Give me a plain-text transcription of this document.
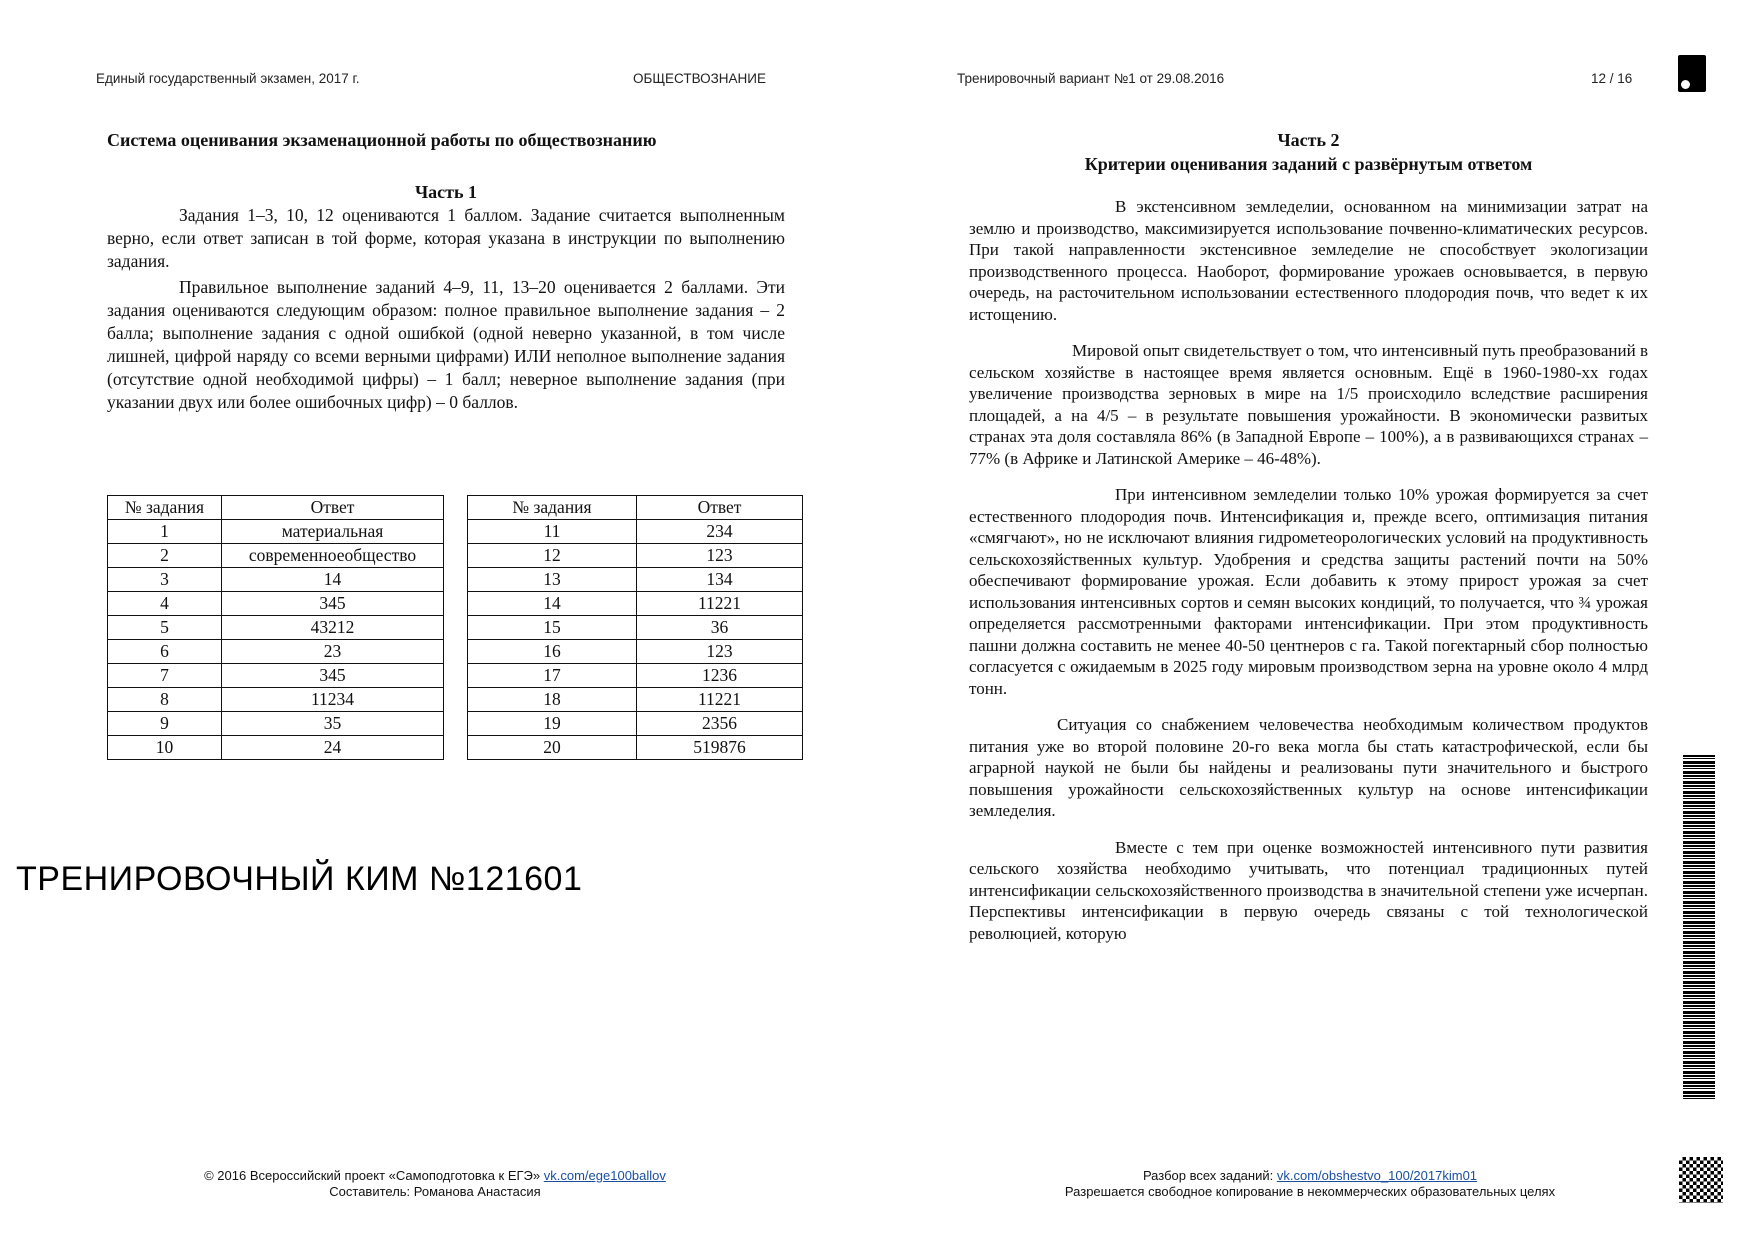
Единый государственный экзамен, 2017 г.	ОБЩЕСТВОЗНАНИЕ	Тренировочный вариант №1 от 29.08.2016	12 / 16
Система оценивания экзаменационной работы по обществознанию
Часть 1

Задания 1–3, 10, 12 оцениваются 1 баллом. Задание считается выполненным верно, если ответ записан в той форме, которая указана в инструкции по выполнению задания.

Правильное выполнение заданий 4–9, 11, 13–20 оценивается 2 баллами. Эти задания оцениваются следующим образом: полное правильное выполнение задания – 2 балла; выполнение задания с одной ошибкой (одной неверно указанной, в том числе лишней, цифрой наряду со всеми верными цифрами) ИЛИ неполное выполнение задания (отсутствие одной необходимой цифры) – 1 балл; неверное выполнение задания (при указании двух или более ошибочных цифр) – 0 баллов.

№ задания	Ответ
1	материальная
2	современноеобщество
3	14
4	345
5	43212
6	23
7	345
8	11234
9	35
10	24
№ задания	Ответ
11	234
12	123
13	134
14	11221
15	36
16	123
17	1236
18	11221
19	2356
20	519876
ТРЕНИРОВОЧНЫЙ КИМ №121601
Часть 2
Критерии оценивания заданий с развёрнутым ответом

В экстенсивном земледелии, основанном на минимизации затрат на землю и производство, максимизируется использование почвенно-климатических ресурсов. При такой направленности экстенсивное земледелие не способствует экологизации производственного процесса. Наоборот, формирование урожаев основывается, в первую очередь, на расточительном использовании естественного плодородия почв, что ведет к их истощению.

Мировой опыт свидетельствует о том, что интенсивный путь преобразований в сельском хозяйстве в настоящее время является основным. Ещё в 1960-1980-хх годах увеличение производства зерновых в мире на 1/5 происходило вследствие расширения площадей, а на 4/5 – в результате повышения урожайности. В экономически развитых странах эта доля составляла 86% (в Западной Европе – 100%), а в развивающихся странах – 77% (в Африке и Латинской Америке – 46-48%).

При интенсивном земледелии только 10% урожая формируется за счет естественного плодородия почв. Интенсификация и, прежде всего, оптимизация питания «смягчают», но не исключают влияния гидрометеорологических условий на продуктивность сельскохозяйственных культур. Удобрения и средства защиты растений почти на 50% обеспечивают формирование урожая. Если добавить к этому прирост урожая за счет использования интенсивных сортов и семян высоких кондиций, то получается, что ¾ урожая определяется рассмотренными факторами интенсификации. При этом продуктивность пашни должна составить не менее 40-50 центнеров с га. Такой погектарный сбор полностью согласуется с ожидаемым в 2025 году мировым производством зерна на уровне около 4 млрд тонн.

Ситуация со снабжением человечества необходимым количеством продуктов питания уже во второй половине 20-го века могла бы стать катастрофической, если бы аграрной наукой не были бы найдены и реализованы пути значительного и быстрого повышения урожайности сельскохозяйственных культур на основе интенсификации земледелия.

Вместе с тем при оценке возможностей интенсивного пути развития сельского хозяйства необходимо учитывать, что потенциал традиционных путей интенсификации сельскохозяйственного производства в значительной степени уже исчерпан. Перспективы интенсификации в первую очередь связаны с той технологической революцией, которую

© 2016 Всероссийский проект «Самоподготовка к ЕГЭ» vk.com/ege100ballov
Составитель: Романова Анастасия
Разбор всех заданий: vk.com/obshestvo_100/2017kim01
Разрешается свободное копирование в некоммерческих образовательных целях
